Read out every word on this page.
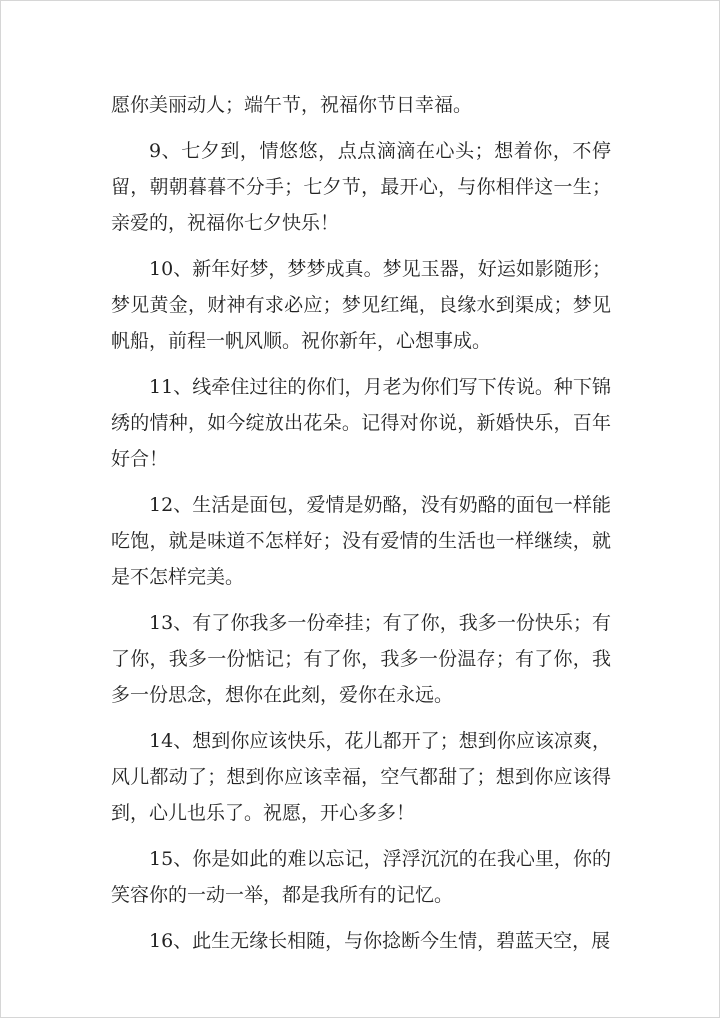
愿你美丽动人；端午节，祝福你节日幸福。

9、七夕到，情悠悠，点点滴滴在心头；想着你，不停留，朝朝暮暮不分手；七夕节，最开心，与你相伴这一生；亲爱的，祝福你七夕快乐！

10、新年好梦，梦梦成真。梦见玉器，好运如影随形；梦见黄金，财神有求必应；梦见红绳，良缘水到渠成；梦见帆船，前程一帆风顺。祝你新年，心想事成。

11、线牵住过往的你们，月老为你们写下传说。种下锦绣的情种，如今绽放出花朵。记得对你说，新婚快乐，百年好合！

12、生活是面包，爱情是奶酪，没有奶酪的面包一样能吃饱，就是味道不怎样好；没有爱情的生活也一样继续，就是不怎样完美。

13、有了你我多一份牵挂；有了你，我多一份快乐；有了你，我多一份惦记；有了你，我多一份温存；有了你，我多一份思念，想你在此刻，爱你在永远。

14、想到你应该快乐，花儿都开了；想到你应该凉爽，风儿都动了；想到你应该幸福，空气都甜了；想到你应该得到，心儿也乐了。祝愿，开心多多！

15、你是如此的难以忘记，浮浮沉沉的在我心里，你的笑容你的一动一举，都是我所有的记忆。

16、此生无缘长相随，与你捻断今生情，碧蓝天空，展
